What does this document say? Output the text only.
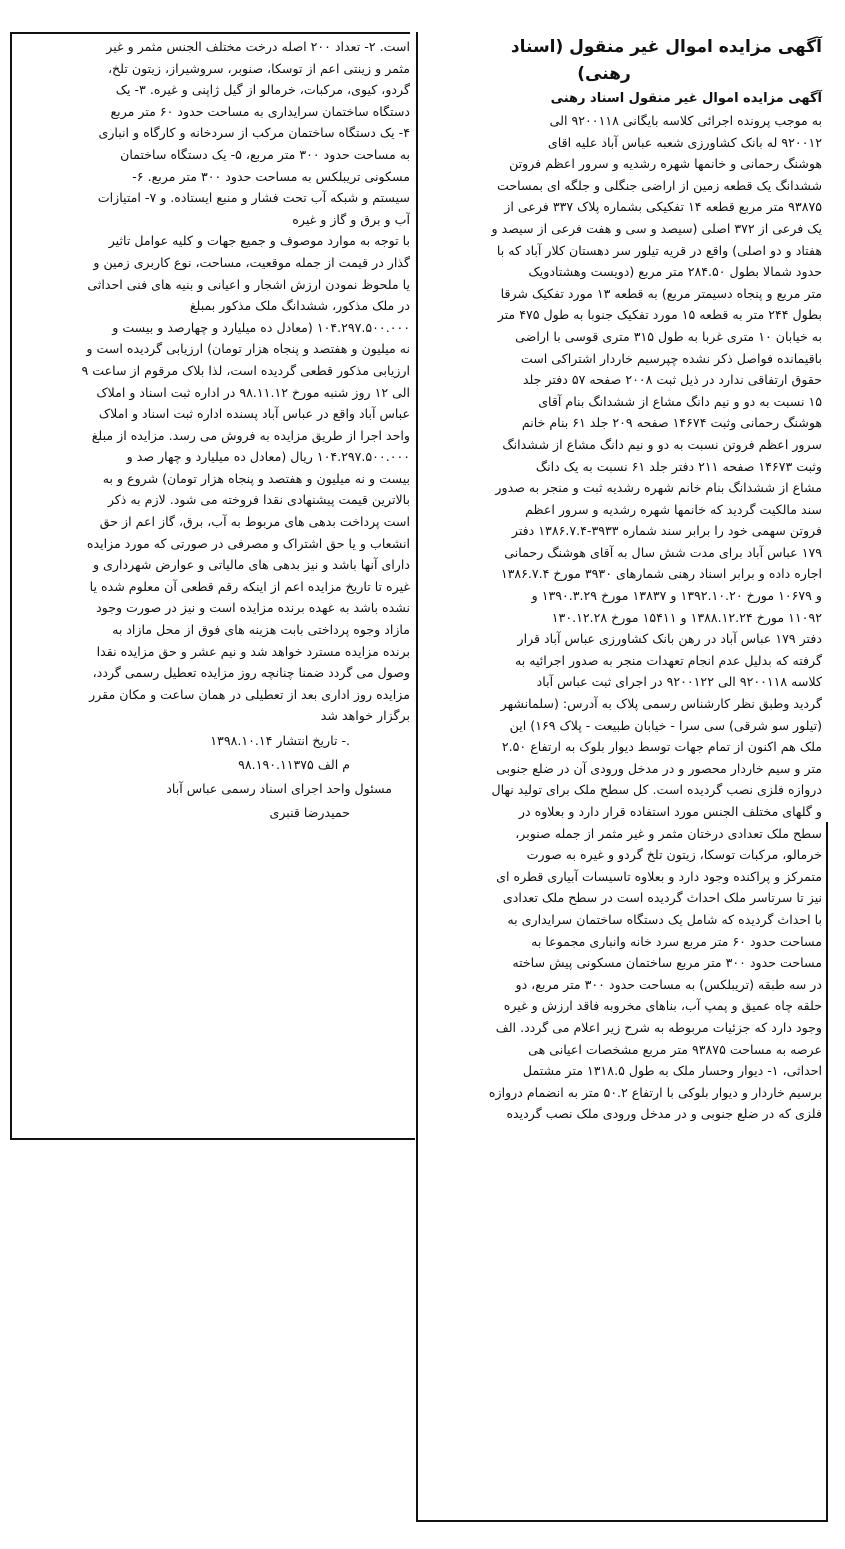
آگهی مزایده اموال غیر منقول (اسناد
رهنی)
آگهی مزایده اموال غیر منقول اسناد رهنی
به موجب پرونده اجرائی کلاسه بایگانی ۹۲۰۰۱۱۸ الی
۹۲۰۰۱۲ له بانک کشاورزی شعبه عباس آباد علیه اقای
هوشنگ رحمانی و خانمها شهره رشدیه و سرور اعظم فروتن
ششدانگ یک قطعه زمین از اراضی جنگلی و جلگه ای بمساحت
۹۳۸۷۵ متر مربع قطعه ۱۴ تفکیکی بشماره پلاک ۳۳۷ فرعی از
یک فرعی از ۳۷۲ اصلی (سیصد و سی و هفت فرعی از سیصد و
هفتاد و دو اصلی) واقع در قریه تیلور سر دهستان کلار آباد که با
حدود شمالا بطول ۲۸۴.۵۰ متر مربع (دویست وهشتادویک
متر مربع و پنجاه دسیمتر مربع) به قطعه ۱۳ مورد تفکیک شرقا
بطول ۲۴۴ متر به قطعه ۱۵ مورد تفکیک جنوبا به طول ۴۷۵ متر
به خیابان ۱۰ متری غربا به طول ۳۱۵ متری قوسی با اراضی
باقیمانده فواصل ذکر نشده چپرسیم خاردار اشتراکی است
حقوق ارتفاقی ندارد در ذیل ثبت ۲۰۰۸ صفحه ۵۷ دفتر جلد
۱۵ نسبت به دو و نیم دانگ مشاع از ششدانگ بنام آقای
هوشنگ رحمانی وثبت ۱۴۶۷۴ صفحه ۲۰۹ جلد ۶۱ بنام خانم
سرور اعظم فروتن نسبت به دو و نیم دانگ مشاع از ششدانگ
وثبت ۱۴۶۷۳ صفحه ۲۱۱ دفتر جلد ۶۱ نسبت به یک دانگ
مشاع از ششدانگ بنام خانم شهره رشدیه ثبت و منجر به صدور
سند مالکیت گردید که خانمها شهره رشدیه و سرور اعظم
فروتن سهمی خود را برابر سند شماره ۳۹۳۳-۱۳۸۶.۷.۴ دفتر
۱۷۹ عباس آباد برای مدت شش سال به آقای هوشنگ رحمانی
اجاره داده و برابر اسناد رهنی شمارهای ۳۹۳۰ مورخ ۱۳۸۶.۷.۴
و ۱۰۶۷۹ مورخ ۱۳۹۲.۱۰.۲۰ و ۱۳۸۳۷ مورخ ۱۳۹۰.۳.۲۹ و
۱۱۰۹۲ مورخ ۱۳۸۸.۱۲.۲۴ و ۱۵۴۱۱ مورخ ۱۳۰.۱۲.۲۸
دفتر ۱۷۹ عباس آباد در رهن بانک کشاورزی عباس آباد قرار
گرفته که بدلیل عدم انجام تعهدات منجر به صدور اجرائیه به
کلاسه ۹۲۰۰۱۱۸ الی ۹۲۰۰۱۲۲ در اجرای ثبت عباس آباد
گردید وطبق نظر کارشناس رسمی پلاک به آدرس: (سلمانشهر
(تیلور سو شرقی) سی سرا - خیابان طبیعت - پلاک ۱۶۹) این
ملک هم اکنون از تمام جهات توسط دیوار بلوک به ارتفاع ۲.۵۰
متر و سیم خاردار محصور و در مدخل ورودی آن در ضلع جنوبی
دروازه فلزی نصب گردیده است. کل سطح ملک برای تولید نهال
و گلهای مختلف الجنس مورد استفاده قرار دارد و بعلاوه در
سطح ملک تعدادی درختان مثمر و غیر مثمر از جمله صنوبر،
خرمالو، مرکبات توسکا، زیتون تلخ گردو و غیره به صورت
متمرکز و پراکنده وجود دارد و بعلاوه تاسیسات آبیاری قطره ای
نیز تا سرتاسر ملک احداث گردیده است در سطح ملک تعدادی
با احداث گردیده که شامل یک دستگاه ساختمان سرایداری به
مساحت حدود ۶۰ متر مربع سرد خانه وانباری مجموعا به
مساحت حدود ۳۰۰ متر مربع ساختمان مسکونی پیش ساخته
در سه طبقه (تریبلکس) به مساحت حدود ۳۰۰ متر مربع، دو
حلقه چاه عمیق و پمپ آب، بناهای مخروبه فاقد ارزش و غیره
وجود دارد که جزئیات مربوطه به شرح زیر اعلام می گردد. الف
عرصه به مساحت ۹۳۸۷۵ متر مربع مشخصات اعیانی هی
احداثی، ۱- دیوار وحسار ملک به طول ۱۳۱۸.۵ متر مشتمل
برسیم خاردار و دیوار بلوکی با ارتفاع ۵۰.۲ متر به انضمام دروازه
فلزی که در ضلع جنوبی و در مدخل ورودی ملک نصب گردیده
است. ۲- تعداد ۲۰۰ اصله درخت مختلف الجنس مثمر و غیر
مثمر و زینتی اعم از توسکا، صنوبر، سروشیراز، زیتون تلخ،
گردو، کیوی، مرکبات، خرمالو از گیل ژاپنی و غیره. ۳- یک
دستگاه ساختمان سرایداری به مساحت حدود ۶۰ متر مربع
۴- یک دستگاه ساختمان مرکب از سردخانه و کارگاه و انباری
به مساحت حدود ۳۰۰ متر مربع، ۵- یک دستگاه ساختمان
مسکونی تریبلکس به مساحت حدود ۳۰۰ متر مربع. ۶-
سیستم و شبکه آب تحت فشار و منبع ایستاده. و ۷- امتیازات
آب و برق و گاز و غیره
با توجه به موارد موصوف و جمیع جهات و کلیه عوامل تاثیر
گذار در قیمت از جمله موقعیت، مساحت، نوع کاربری زمین و
یا ملحوظ نمودن ارزش اشجار و اعیانی و بنیه های فنی احداثی
در ملک مذکور، ششدانگ ملک مذکور بمبلغ
۱۰۴.۲۹۷.۵۰۰.۰۰۰ (معادل ده میلیارد و چهارصد و بیست و
نه میلیون و هفتصد و پنجاه هزار تومان) ارزیابی گردیده است و
ارزیابی مذکور قطعی گردیده است، لذا بلاک مرقوم از ساعت ۹
الی ۱۲ روز شنبه مورخ ۹۸.۱۱.۱۲ در اداره ثبت اسناد و املاک
عباس آباد واقع در عباس آباد پسنده اداره ثبت اسناد و املاک
واحد اجرا از طریق مزایده به فروش می رسد. مزایده از مبلغ
۱۰۴.۲۹۷.۵۰۰.۰۰۰ ریال (معادل ده میلیارد و چهار صد و
بیست و نه میلیون و هفتصد و پنجاه هزار تومان) شروع و به
بالاترین قیمت پیشنهادی نقدا فروخته می شود. لازم به ذکر
است پرداخت بدهی های مربوط به آب، برق، گاز اعم از حق
انشعاب و یا حق اشتراک و مصرفی در صورتی که مورد مزایده
دارای آنها باشد و نیز بدهی های مالیاتی و عوارض شهرداری و
غیره تا تاریخ مزایده اعم از اینکه رقم قطعی آن معلوم شده یا
نشده باشد به عهده برنده مزایده است و نیز در صورت وجود
مازاد وجوه پرداختی بابت هزینه های فوق از محل مازاد به
برنده مزایده مسترد خواهد شد و نیم عشر و حق مزایده نقدا
وصول می گردد ضمنا چنانچه روز مزایده تعطیل رسمی گردد،
مزایده روز اداری بعد از تعطیلی در همان ساعت و مکان مقرر
برگزار خواهد شد
.- تاریخ انتشار ۱۳۹۸.۱۰.۱۴
م الف ۹۸.۱۹۰.۱۱۳۷۵
مسئول واحد اجرای اسناد رسمی عباس آباد
حمیدرضا قنبری
